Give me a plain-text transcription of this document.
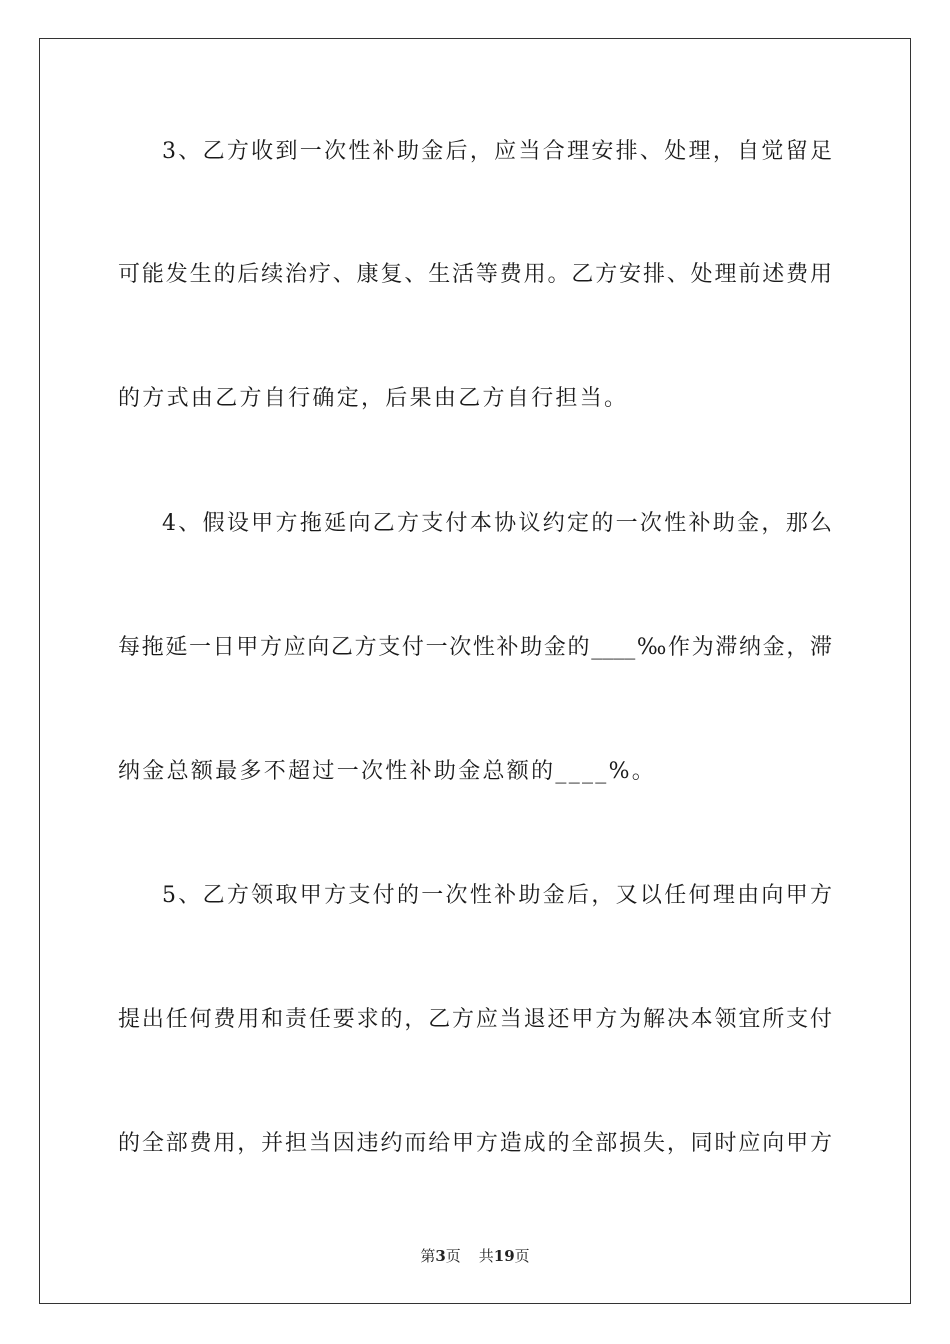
3、乙方收到一次性补助金后，应当合理安排、处理，自觉留足
可能发生的后续治疗、康复、生活等费用。乙方安排、处理前述费用
的方式由乙方自行确定，后果由乙方自行担当。
4、假设甲方拖延向乙方支付本协议约定的一次性补助金，那么
每拖延一日甲方应向乙方支付一次性补助金的____‰作为滞纳金，滞
纳金总额最多不超过一次性补助金总额的____%。
5、乙方领取甲方支付的一次性补助金后，又以任何理由向甲方
提出任何费用和责任要求的，乙方应当退还甲方为解决本领宜所支付
的全部费用，并担当因违约而给甲方造成的全部损失，同时应向甲方
第3页 共19页
